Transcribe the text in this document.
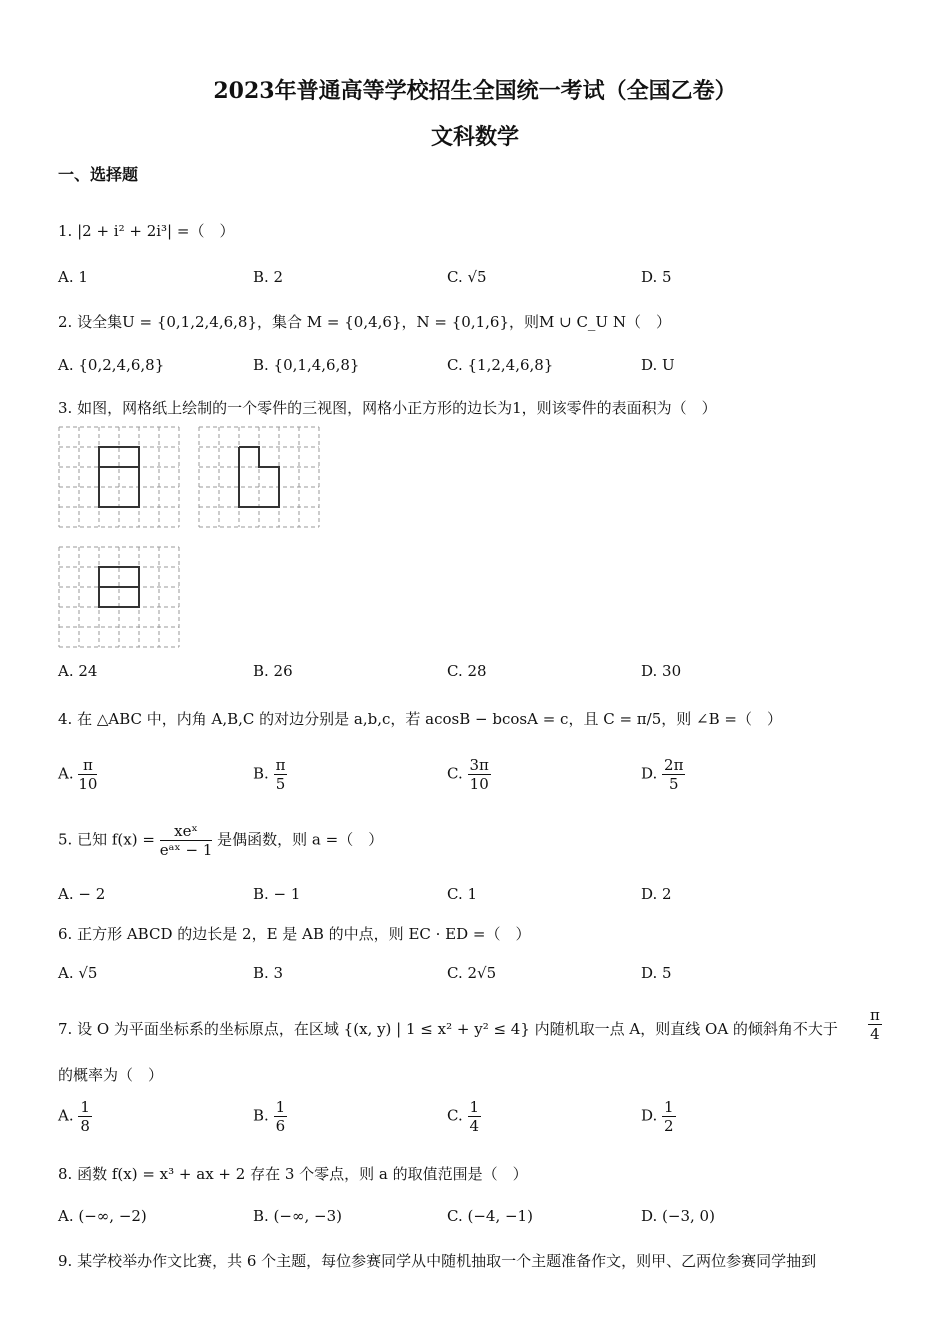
2023年普通高等学校招生全国统一考试（全国乙卷）
文科数学
一、选择题
1. |2 + i² + 2i³| =（　）
A. 1	B. 2	C. √5	D. 5
2. 设全集U = {0,1,2,4,6,8}，集合 M = {0,4,6}，N = {0,1,6}，则M ∪ C_U N（　）
A. {0,2,4,6,8}	B. {0,1,4,6,8}	C. {1,2,4,6,8}	D. U
3. 如图，网格纸上绘制的一个零件的三视图，网格小正方形的边长为1，则该零件的表面积为（　）
A. 24	B. 26	C. 28	D. 30
4. 在 △ABC 中，内角 A,B,C 的对边分别是 a,b,c，若 acosB − bcosA = c，且 C = π/5，则 ∠B =（　）
A. $\frac{\pi}{10}$	B. $\frac{\pi}{5}$	C. $\frac{3\pi}{10}$	D. $\frac{2\pi}{5}$
5. 已知 $f(x) = \frac{\text{xeˣ}}{\text{eᵃˣ − 1}}$ 是偶函数，则 a =（　）
A. − 2	B. − 1	C. 1	D. 2
6. 正方形 ABCD 的边长是 2，E 是 AB 的中点，则 EC · ED =（　）
A. √5	B. 3	C. 2√5	D. 5
7. 设 O 为平面坐标系的坐标原点，在区域 {(x, y) | 1 ≤ x² + y² ≤ 4} 内随机取一点 A，则直线 OA 的倾斜角不大于 $\frac{\pi}{4}$
的概率为（　）
A. $\frac{1}{8}$	B. $\frac{1}{6}$	C. $\frac{1}{4}$	D. $\frac{1}{2}$
8. 函数 f(x) = x³ + ax + 2 存在 3 个零点，则 a 的取值范围是（　）
A. (−∞, −2)	B. (−∞, −3)	C. (−4, −1)	D. (−3, 0)
9. 某学校举办作文比赛，共 6 个主题，每位参赛同学从中随机抽取一个主题准备作文，则甲、乙两位参赛同学抽到
